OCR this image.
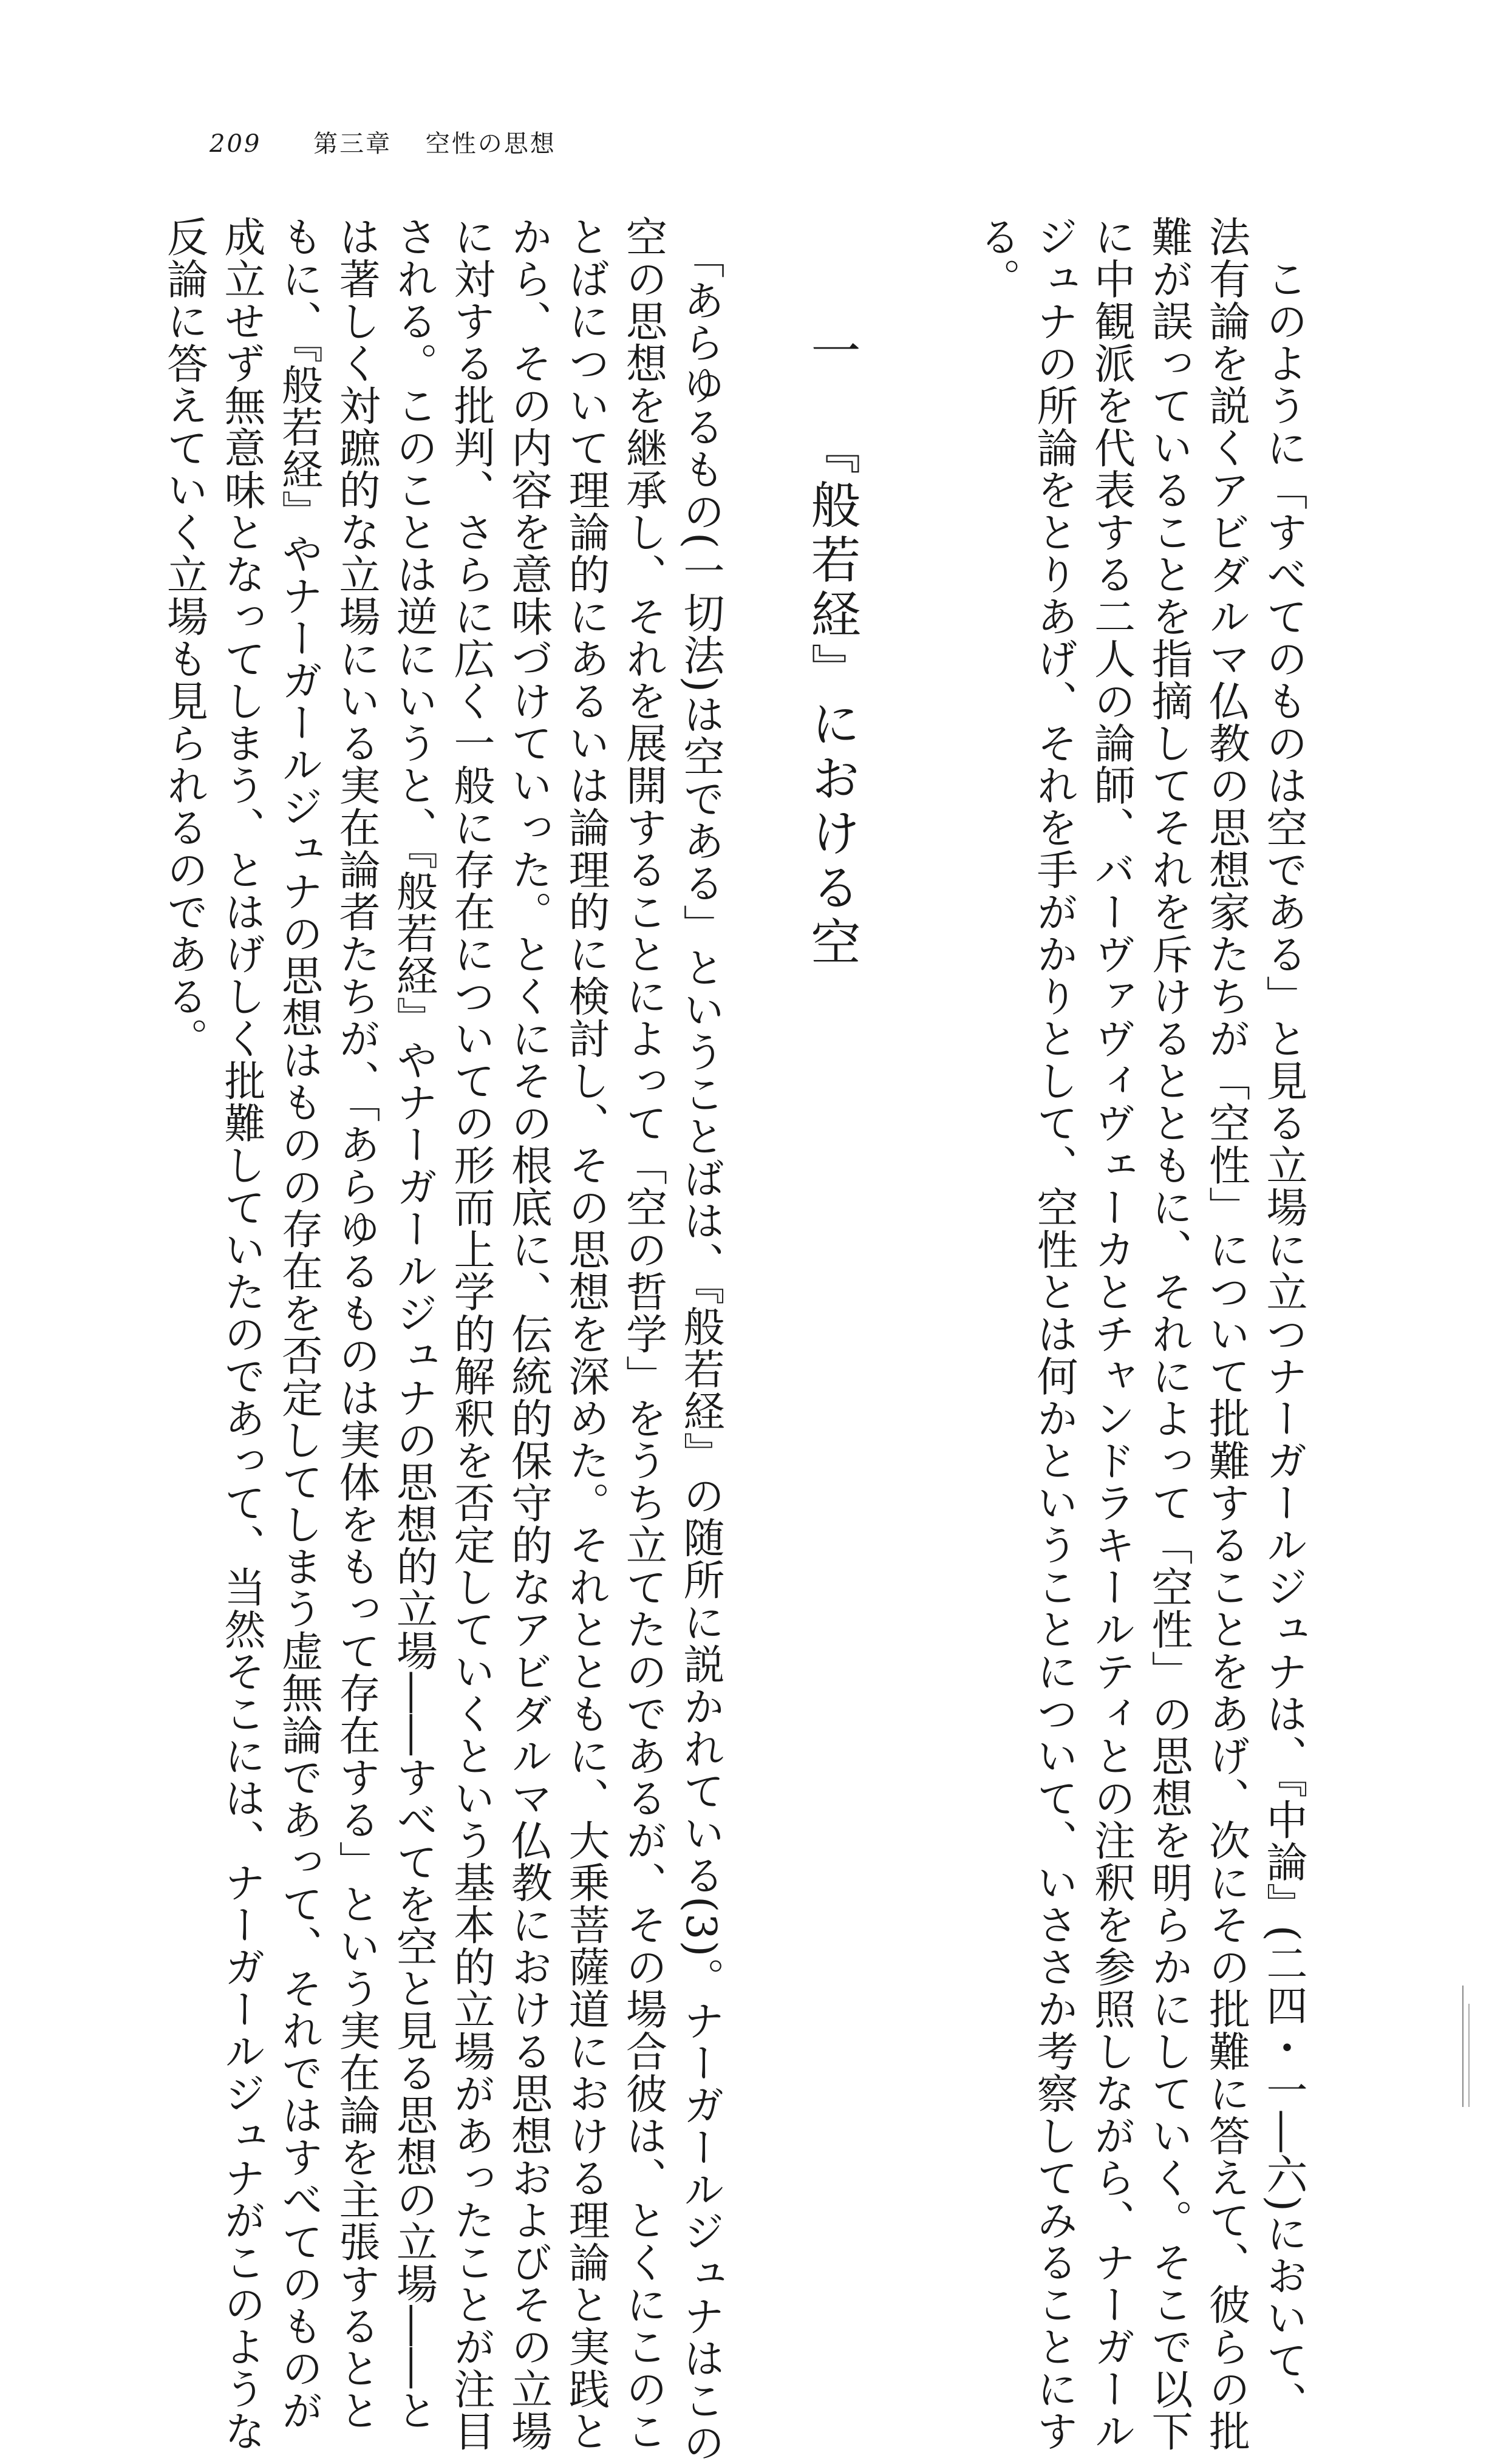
209 第三章 空性の思想
　このように「すべてのものは空である」と見る立場に立つナーガールジュナは、『中論』(二四・一―六)において、
法有論を説くアビダルマ仏教の思想家たちが「空性」について批難することをあげ、次にその批難に答えて、彼らの批
難が誤っていることを指摘してそれを斥けるとともに、それによって「空性」の思想を明らかにしていく。そこで以下
に中観派を代表する二人の論師、バーヴァヴィヴェーカとチャンドラキールティとの注釈を参照しながら、ナーガール
ジュナの所論をとりあげ、それを手がかりとして、空性とは何かということについて、いささか考察してみることにす
る。
一 『般若経』における空
　「あらゆるもの(一切法)は空である」ということばは、『般若経』の随所に説かれている(3)。ナーガールジュナはこの
空の思想を継承し、それを展開することによって「空の哲学」をうち立てたのであるが、その場合彼は、とくにこのこ
とばについて理論的にあるいは論理的に検討し、その思想を深めた。それとともに、大乗菩薩道における理論と実践と
から、その内容を意味づけていった。とくにその根底に、伝統的保守的なアビダルマ仏教における思想およびその立場
に対する批判、さらに広く一般に存在についての形而上学的解釈を否定していくという基本的立場があったことが注目
される。このことは逆にいうと、『般若経』やナーガールジュナの思想的立場――すべてを空と見る思想の立場――と
は著しく対蹠的な立場にいる実在論者たちが、「あらゆるものは実体をもって存在する」という実在論を主張するとと
もに、『般若経』やナーガールジュナの思想はものの存在を否定してしまう虚無論であって、それではすべてのものが
成立せず無意味となってしまう、とはげしく批難していたのであって、当然そこには、ナーガールジュナがこのような
反論に答えていく立場も見られるのである。
